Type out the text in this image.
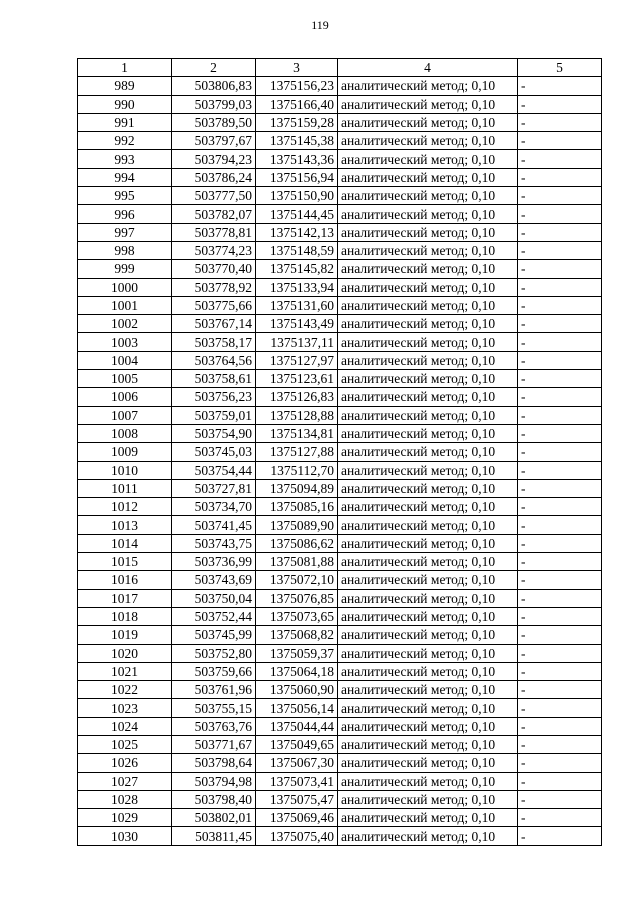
119
1	2	3	4	5
989	503806,83	1375156,23	аналитический метод; 0,10	-
990	503799,03	1375166,40	аналитический метод; 0,10	-
991	503789,50	1375159,28	аналитический метод; 0,10	-
992	503797,67	1375145,38	аналитический метод; 0,10	-
993	503794,23	1375143,36	аналитический метод; 0,10	-
994	503786,24	1375156,94	аналитический метод; 0,10	-
995	503777,50	1375150,90	аналитический метод; 0,10	-
996	503782,07	1375144,45	аналитический метод; 0,10	-
997	503778,81	1375142,13	аналитический метод; 0,10	-
998	503774,23	1375148,59	аналитический метод; 0,10	-
999	503770,40	1375145,82	аналитический метод; 0,10	-
1000	503778,92	1375133,94	аналитический метод; 0,10	-
1001	503775,66	1375131,60	аналитический метод; 0,10	-
1002	503767,14	1375143,49	аналитический метод; 0,10	-
1003	503758,17	1375137,11	аналитический метод; 0,10	-
1004	503764,56	1375127,97	аналитический метод; 0,10	-
1005	503758,61	1375123,61	аналитический метод; 0,10	-
1006	503756,23	1375126,83	аналитический метод; 0,10	-
1007	503759,01	1375128,88	аналитический метод; 0,10	-
1008	503754,90	1375134,81	аналитический метод; 0,10	-
1009	503745,03	1375127,88	аналитический метод; 0,10	-
1010	503754,44	1375112,70	аналитический метод; 0,10	-
1011	503727,81	1375094,89	аналитический метод; 0,10	-
1012	503734,70	1375085,16	аналитический метод; 0,10	-
1013	503741,45	1375089,90	аналитический метод; 0,10	-
1014	503743,75	1375086,62	аналитический метод; 0,10	-
1015	503736,99	1375081,88	аналитический метод; 0,10	-
1016	503743,69	1375072,10	аналитический метод; 0,10	-
1017	503750,04	1375076,85	аналитический метод; 0,10	-
1018	503752,44	1375073,65	аналитический метод; 0,10	-
1019	503745,99	1375068,82	аналитический метод; 0,10	-
1020	503752,80	1375059,37	аналитический метод; 0,10	-
1021	503759,66	1375064,18	аналитический метод; 0,10	-
1022	503761,96	1375060,90	аналитический метод; 0,10	-
1023	503755,15	1375056,14	аналитический метод; 0,10	-
1024	503763,76	1375044,44	аналитический метод; 0,10	-
1025	503771,67	1375049,65	аналитический метод; 0,10	-
1026	503798,64	1375067,30	аналитический метод; 0,10	-
1027	503794,98	1375073,41	аналитический метод; 0,10	-
1028	503798,40	1375075,47	аналитический метод; 0,10	-
1029	503802,01	1375069,46	аналитический метод; 0,10	-
1030	503811,45	1375075,40	аналитический метод; 0,10	-
